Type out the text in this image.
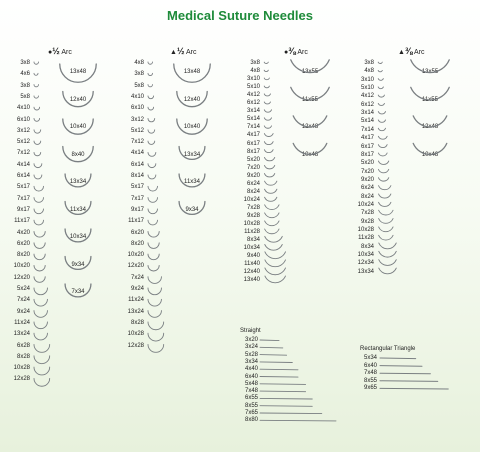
Medical Suture Needles
●½ Arc
3x8
4x6
3x8
5x8
4x10
6x10
3x12
5x12
7x12
4x14
6x14
5x17
7x17
9x17
11x17
4x20
6x20
8x20
10x20
12x20
5x24
7x24
9x24
11x24
13x24
6x28
8x28
10x28
12x28
13x48
12x40
10x40
8x40
13x34
11x34
10x34
9x34
7x34
▲½ Arc
4x8
3x8
5x8
4x10
6x10
3x12
5x12
7x12
4x14
6x14
8x14
5x17
7x17
9x17
11x17
6x20
8x20
10x20
12x20
7x24
9x24
11x24
13x24
8x28
10x28
12x28
13x48
12x40
10x40
13x34
11x34
9x34
●⅜ Arc
3x8
4x8
3x10
5x10
4x12
6x12
3x14
5x14
7x14
4x17
6x17
8x17
5x20
7x20
9x20
6x24
8x24
10x24
7x28
9x28
10x28
11x28
8x34
10x34
9x40
11x40
12x40
13x40
13x55
11x55
12x48
10x48
▲⅜ Arc
3x8
4x8
3x10
5x10
4x12
6x12
3x14
5x14
7x14
4x17
6x17
8x17
5x20
7x20
9x20
6x24
8x24
10x24
7x28
9x28
10x28
11x28
8x34
10x34
12x34
13x34
13x55
11x55
12x48
10x48
Straight
3x20
3x24
5x28
3x34
4x40
6x40
5x48
7x48
6x55
8x55
7x65
8x80
Rectangular Triangle
5x34
6x40
7x48
8x55
9x65
